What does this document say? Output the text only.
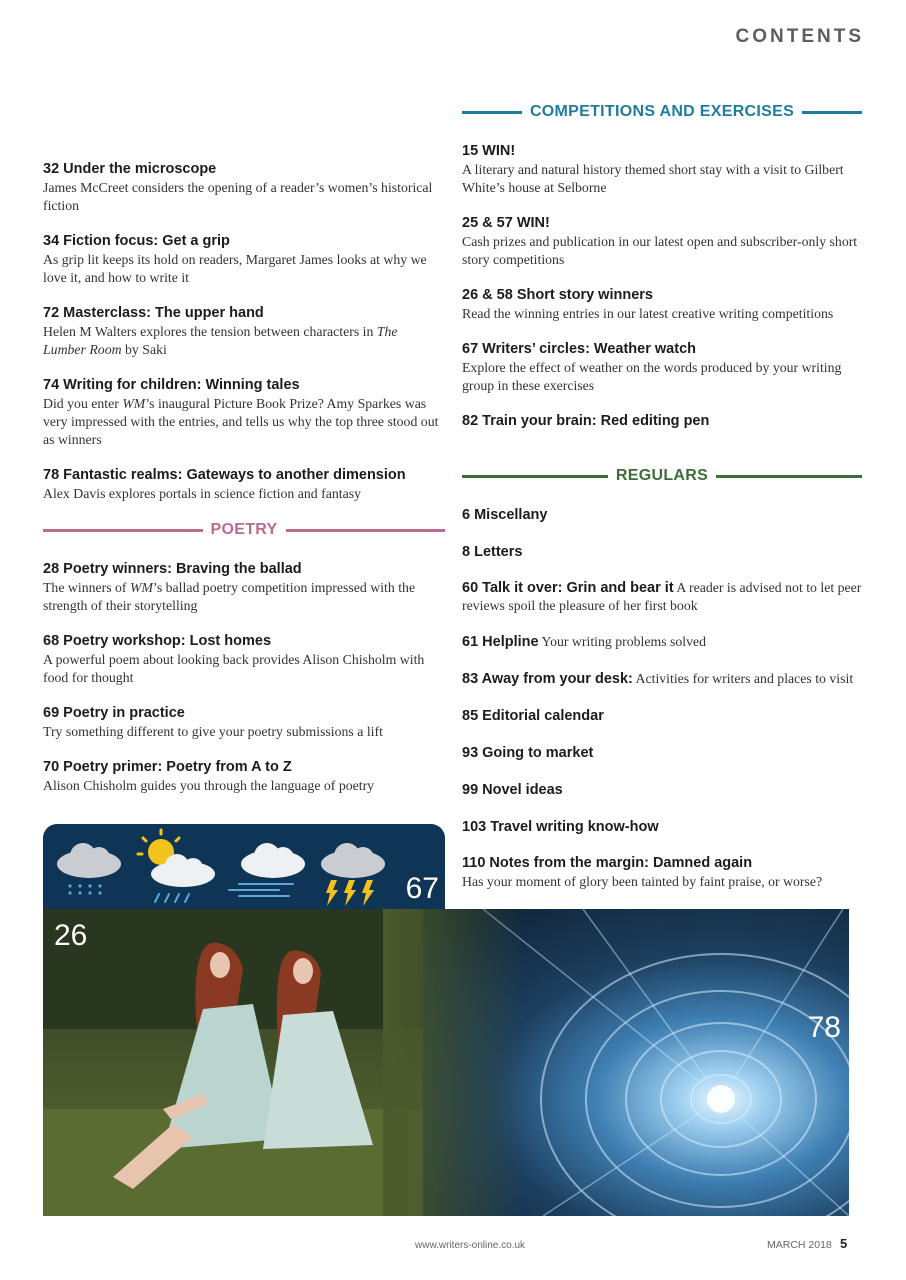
CONTENTS
COMPETITIONS AND EXERCISES
32 Under the microscope
James McCreet considers the opening of a reader’s women’s historical fiction
34 Fiction focus: Get a grip
As grip lit keeps its hold on readers, Margaret James looks at why we love it, and how to write it
72 Masterclass: The upper hand
Helen M Walters explores the tension between characters in The Lumber Room by Saki
74 Writing for children: Winning tales
Did you enter WM’s inaugural Picture Book Prize? Amy Sparkes was very impressed with the entries, and tells us why the top three stood out as winners
78 Fantastic realms: Gateways to another dimension
Alex Davis explores portals in science fiction and fantasy
POETRY
28 Poetry winners: Braving the ballad
The winners of WM’s ballad poetry competition impressed with the strength of their storytelling
68 Poetry workshop: Lost homes
A powerful poem about looking back provides Alison Chisholm with food for thought
69 Poetry in practice
Try something different to give your poetry submissions a lift
70 Poetry primer: Poetry from A to Z
Alison Chisholm guides you through the language of poetry
15 WIN!
A literary and natural history themed short stay with a visit to Gilbert White’s house at Selborne
25 & 57 WIN!
Cash prizes and publication in our latest open and subscriber-only short story competitions
26 & 58 Short story winners
Read the winning entries in our latest creative writing competitions
67 Writers’ circles: Weather watch
Explore the effect of weather on the words produced by your writing group in these exercises
82 Train your brain: Red editing pen
REGULARS
6 Miscellany
8 Letters
60 Talk it over: Grin and bear it A reader is advised not to let peer reviews spoil the pleasure of her first book
61 Helpline Your writing problems solved
83 Away from your desk: Activities for writers and places to visit
85 Editorial calendar
93 Going to market
99 Novel ideas
103 Travel writing know-how
110 Notes from the margin: Damned again
Has your moment of glory been tainted by faint praise, or worse?
67
26
78
www.writers-online.co.uk	MARCH 2018 5
